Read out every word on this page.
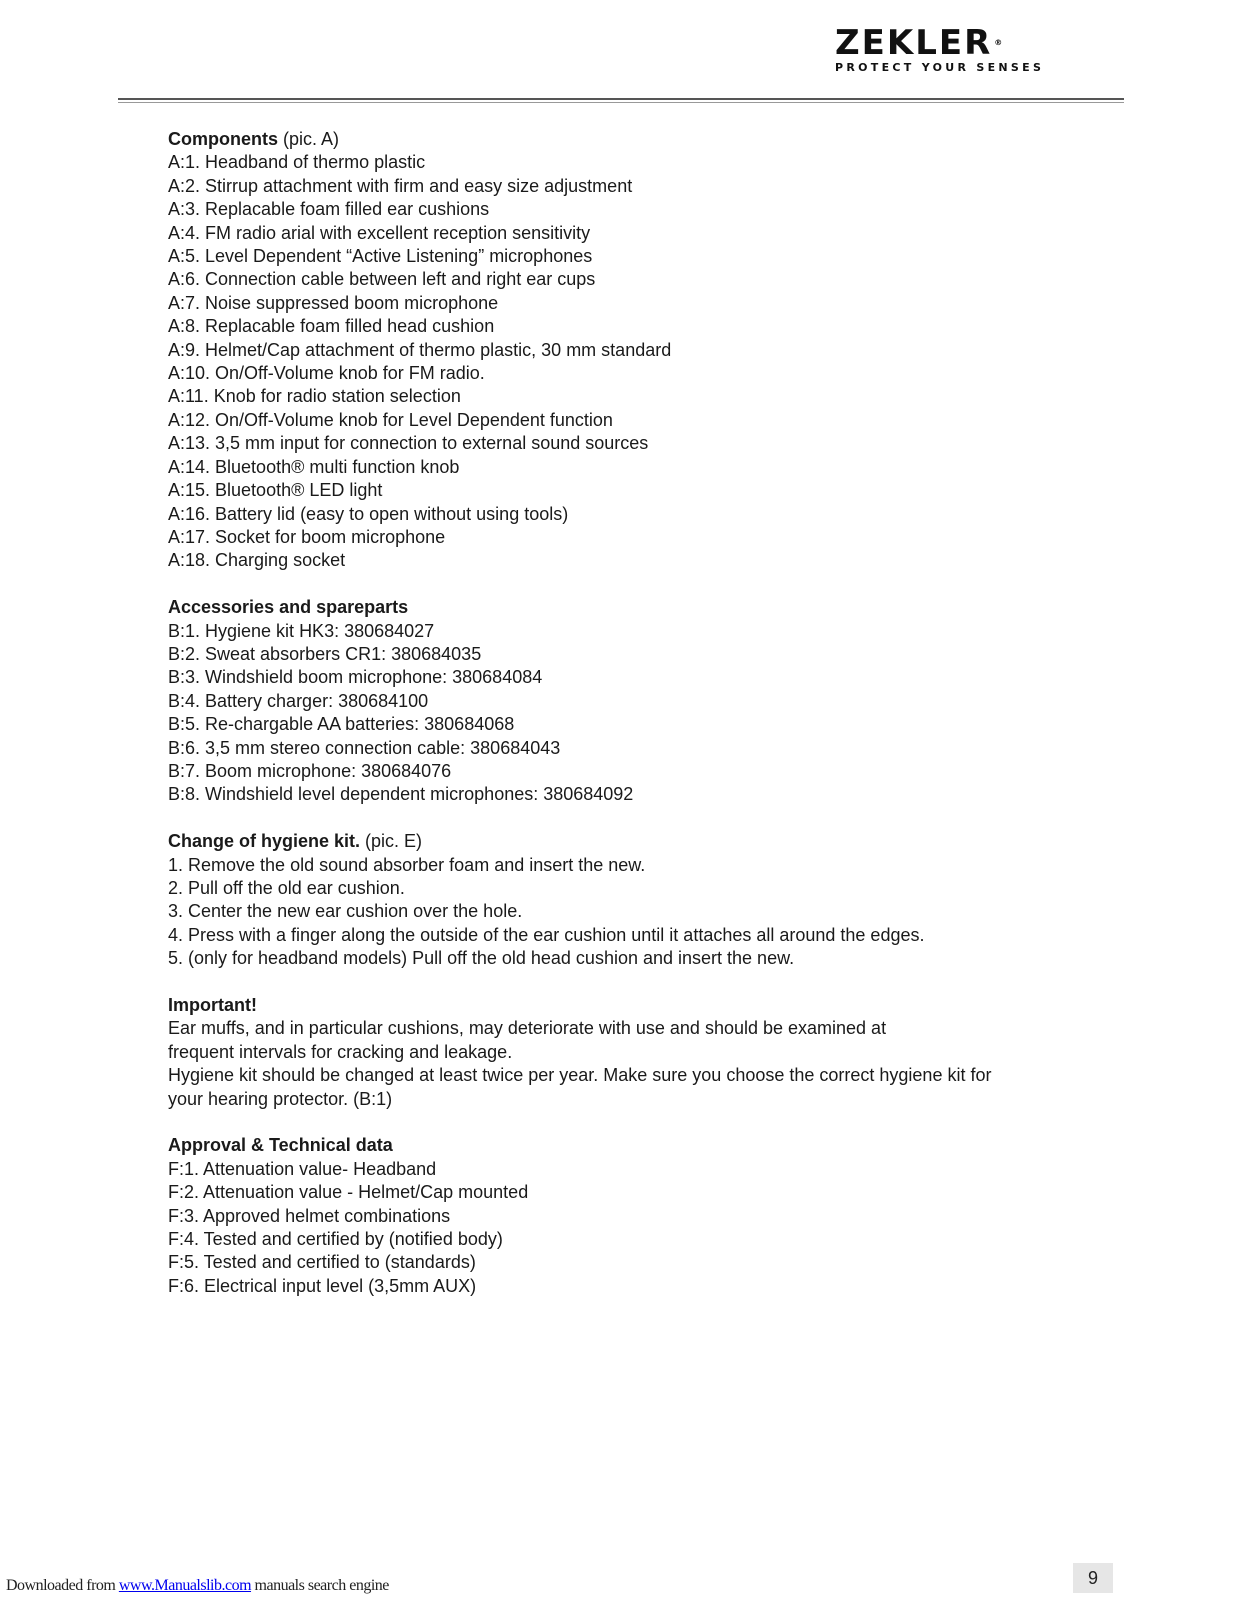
ZEKLER ®
PROTECT YOUR SENSES
Components (pic. A)
A:1. Headband of thermo plastic
A:2. Stirrup attachment with firm and easy size adjustment
A:3. Replacable foam filled ear cushions
A:4. FM radio arial with excellent reception sensitivity
A:5. Level Dependent “Active Listening” microphones
A:6. Connection cable between left and right ear cups
A:7. Noise suppressed boom microphone
A:8. Replacable foam filled head cushion
A:9. Helmet/Cap attachment of thermo plastic, 30 mm standard
A:10. On/Off-Volume knob for FM radio.
A:11. Knob for radio station selection
A:12. On/Off-Volume knob for Level Dependent function
A:13. 3,5 mm input for connection to external sound sources
A:14. Bluetooth® multi function knob
A:15. Bluetooth® LED light
A:16. Battery lid (easy to open without using tools)
A:17. Socket for boom microphone
A:18. Charging socket
Accessories and spareparts
B:1. Hygiene kit HK3: 380684027
B:2. Sweat absorbers CR1: 380684035
B:3. Windshield boom microphone: 380684084
B:4. Battery charger: 380684100
B:5. Re-chargable AA batteries: 380684068
B:6. 3,5 mm stereo connection cable: 380684043
B:7. Boom microphone: 380684076
B:8. Windshield level dependent microphones: 380684092
Change of hygiene kit. (pic. E)
1. Remove the old sound absorber foam and insert the new.
2. Pull off the old ear cushion.
3. Center the new ear cushion over the hole.
4. Press with a finger along the outside of the ear cushion until it attaches all around the edges.
5. (only for headband models) Pull off the old head cushion and insert the new.
Important!
Ear muffs, and in particular cushions, may deteriorate with use and should be examined at
frequent intervals for cracking and leakage.
Hygiene kit should be changed at least twice per year. Make sure you choose the correct hygiene kit for
your hearing protector. (B:1)
Approval & Technical data
F:1. Attenuation value- Headband
F:2. Attenuation value - Helmet/Cap mounted
F:3. Approved helmet combinations
F:4. Tested and certified by (notified body)
F:5. Tested and certified to (standards)
F:6. Electrical input level (3,5mm AUX)
Downloaded from www.Manualslib.com manuals search engine	9
